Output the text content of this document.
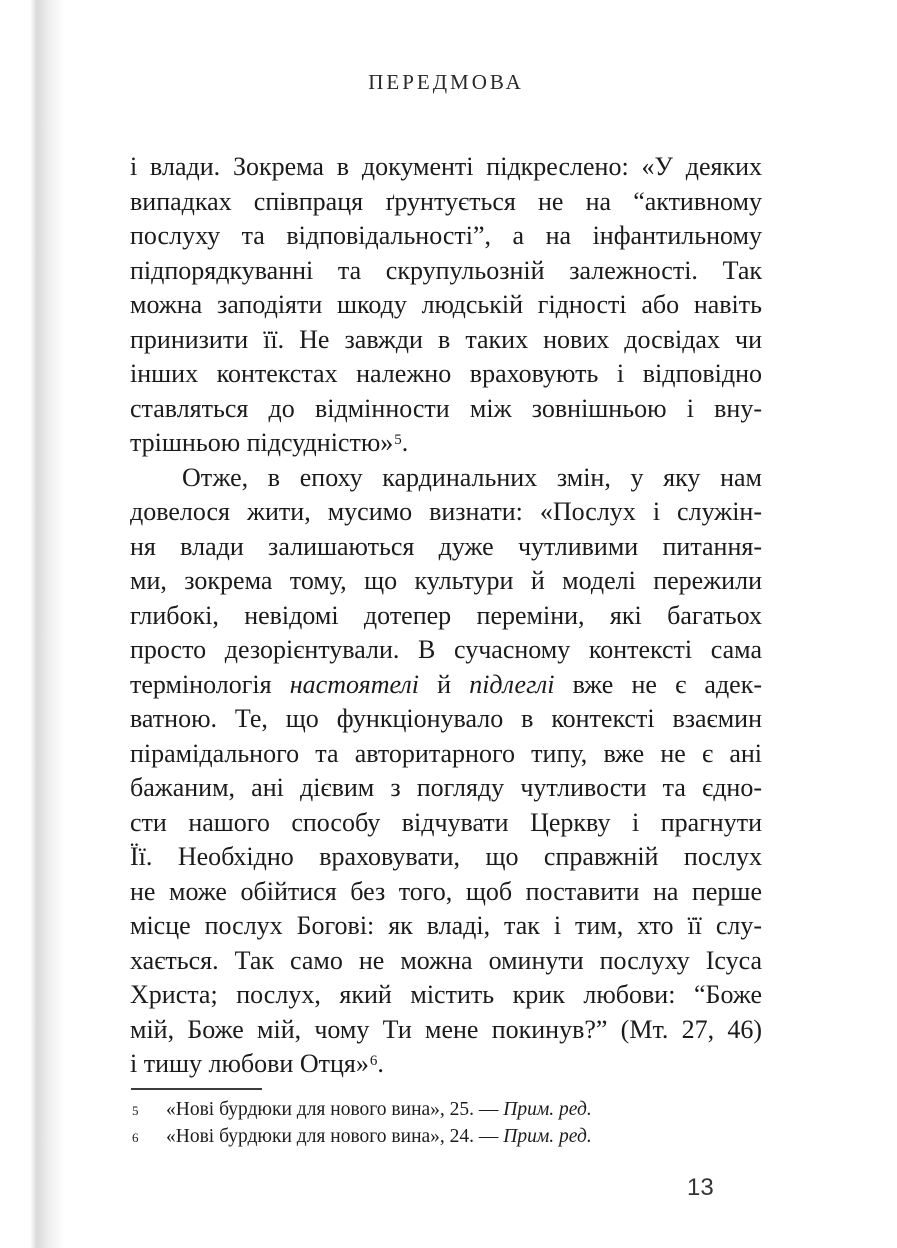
ПЕРЕДМОВА
і влади. Зокрема в документі підкреслено: «У деяких
випадках співпраця ґрунтується не на “активному
послуху та відповідальності”, а на інфантильному
підпорядкуванні та скрупульозній залежності. Так
можна заподіяти шкоду людській гідності або навіть
принизити її. Не завжди в таких нових досвідах чи
інших контекстах належно враховують і відповідно
ставляться до відмінности між зовнішньою і вну-
трішньою підсудністю»$^5$.
Отже, в епоху кардинальних змін, у яку нам
довелося жити, мусимо визнати: «Послух і служін-
ня влади залишаються дуже чутливими питання-
ми, зокрема тому, що культури й моделі пережили
глибокі, невідомі дотепер переміни, які багатьох
просто дезорієнтували. В сучасному контексті сама
термінологія настоятелі й підлеглі вже не є адек-
ватною. Те, що функціонувало в контексті взаємин
пірамідального та авторитарного типу, вже не є ані
бажаним, ані дієвим з погляду чутливости та єдно-
сти нашого способу відчувати Церкву і прагнути
Її. Необхідно враховувати, що справжній послух
не може обійтися без того, щоб поставити на перше
місце послух Богові: як владі, так і тим, хто її слу-
хається. Так само не можна оминути послуху Ісуса
Христа; послух, який містить крик любови: “Боже
мій, Боже мій, чому Ти мене покинув?” (Мт. 27, 46)
і тишу любови Отця»$^6$.
5 «Нові бурдюки для нового вина», 25. — Прим. ред.
6 «Нові бурдюки для нового вина», 24. — Прим. ред.
13
